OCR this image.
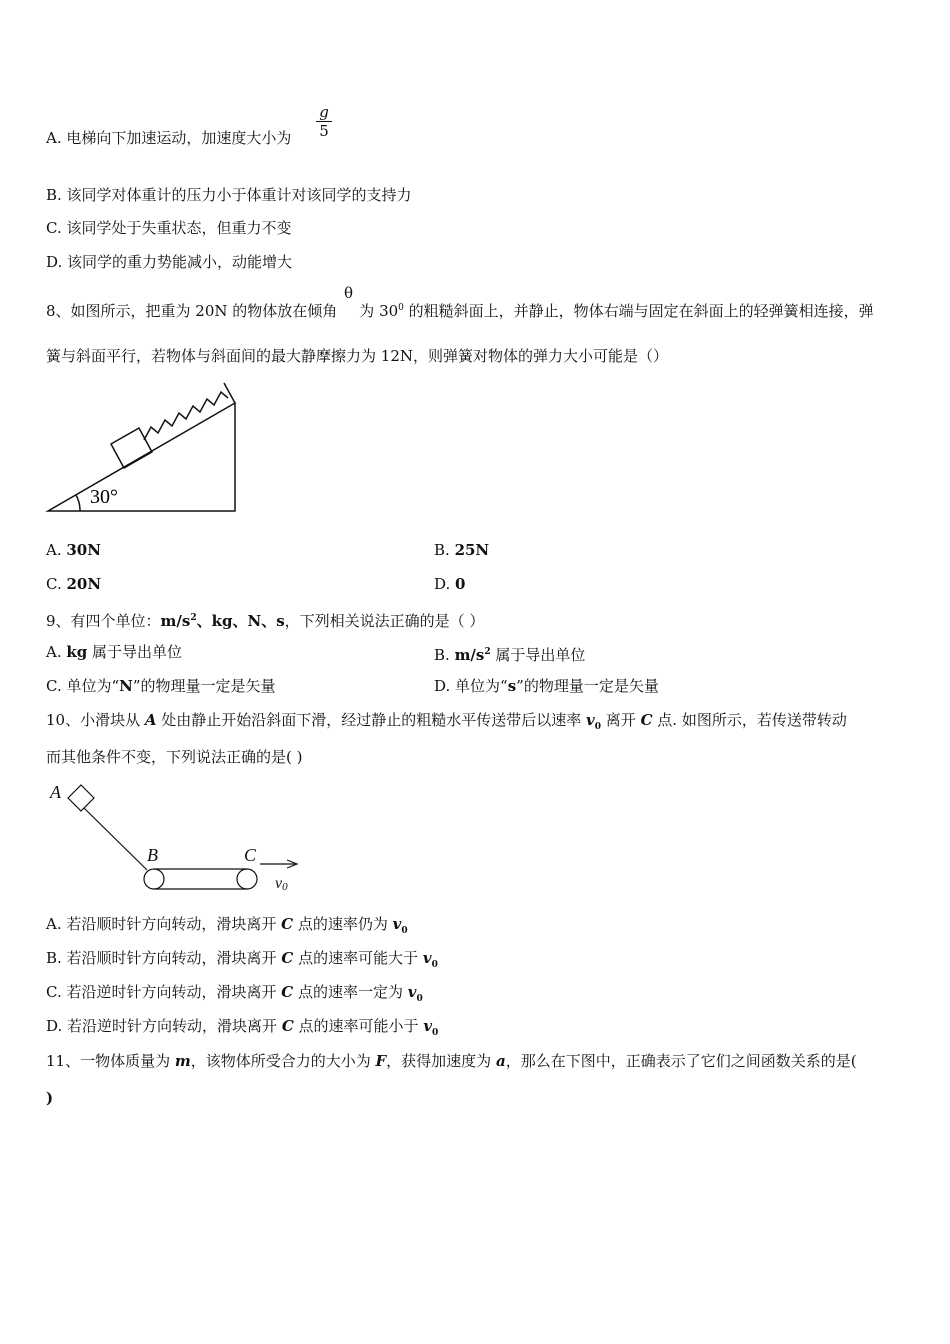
A. 电梯向下加速运动，加速度大小为 $\frac{g}{5}$
B. 该同学对体重计的压力小于体重计对该同学的支持力
C. 该同学处于失重状态，但重力不变
D. 该同学的重力势能减小，动能增大
8、如图所示，把重为 20N 的物体放在倾角 为 $30^0$ 的粗糙斜面上，并静止，物体右端与固定在斜面上的轻弹簧相连接，弹
θ
簧与斜面平行，若物体与斜面间的最大静摩擦力为 12N，则弹簧对物体的弹力大小可能是（）
30°
A. 30N	B. 25N
C. 20N	D. 0
9、有四个单位：$m/s^2$、kg、N、s，下列相关说法正确的是（ ）
A. kg 属于导出单位	B. $m/s^2$ 属于导出单位
C. 单位为“N”的物理量一定是矢量	D. 单位为“s”的物理量一定是矢量
10、小滑块从 A 处由静止开始沿斜面下滑，经过静止的粗糙水平传送带后以速率 $v_0$ 离开 C 点. 如图所示，若传送带转动
而其他条件不变，下列说法正确的是( )
A
B	C
v0
A. 若沿顺时针方向转动，滑块离开 C 点的速率仍为 $v_0$
B. 若沿顺时针方向转动，滑块离开 C 点的速率可能大于 $v_0$
C. 若沿逆时针方向转动，滑块离开 C 点的速率一定为 $v_0$
D. 若沿逆时针方向转动，滑块离开 C 点的速率可能小于 $v_0$
11、一物体质量为 m，该物体所受合力的大小为 F，获得加速度为 a，那么在下图中，正确表示了它们之间函数关系的是(
)
